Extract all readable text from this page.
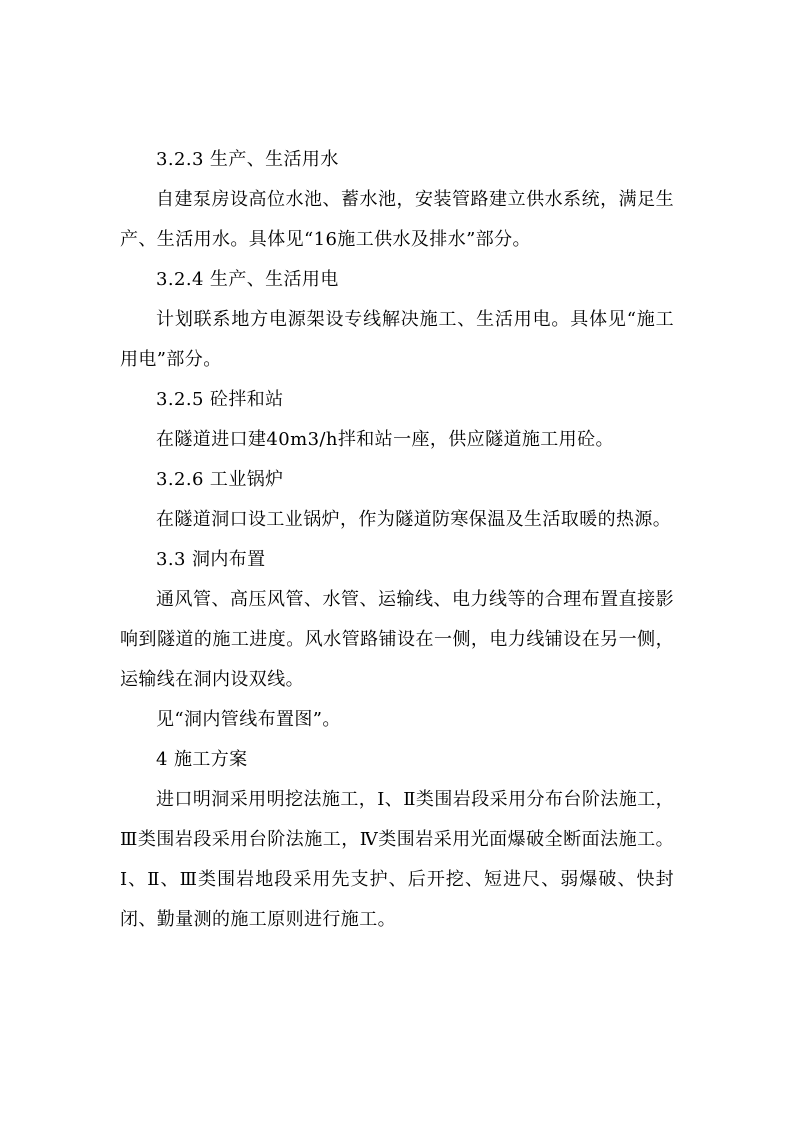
3.2.3 生产、生活用水

自建泵房设高位水池、蓄水池，安装管路建立供水系统，满足生产、生活用水。具体见“16施工供水及排水”部分。

3.2.4 生产、生活用电

计划联系地方电源架设专线解决施工、生活用电。具体见“施工用电”部分。

3.2.5 砼拌和站

在隧道进口建40m3/h拌和站一座，供应隧道施工用砼。

3.2.6 工业锅炉

在隧道洞口设工业锅炉，作为隧道防寒保温及生活取暖的热源。

3.3 洞内布置

通风管、高压风管、水管、运输线、电力线等的合理布置直接影响到隧道的施工进度。风水管路铺设在一侧，电力线铺设在另一侧，运输线在洞内设双线。

见“洞内管线布置图”。

4 施工方案

进口明洞采用明挖法施工，Ⅰ、Ⅱ类围岩段采用分布台阶法施工，Ⅲ类围岩段采用台阶法施工，Ⅳ类围岩采用光面爆破全断面法施工。Ⅰ、Ⅱ、Ⅲ类围岩地段采用先支护、后开挖、短进尺、弱爆破、快封闭、勤量测的施工原则进行施工。
